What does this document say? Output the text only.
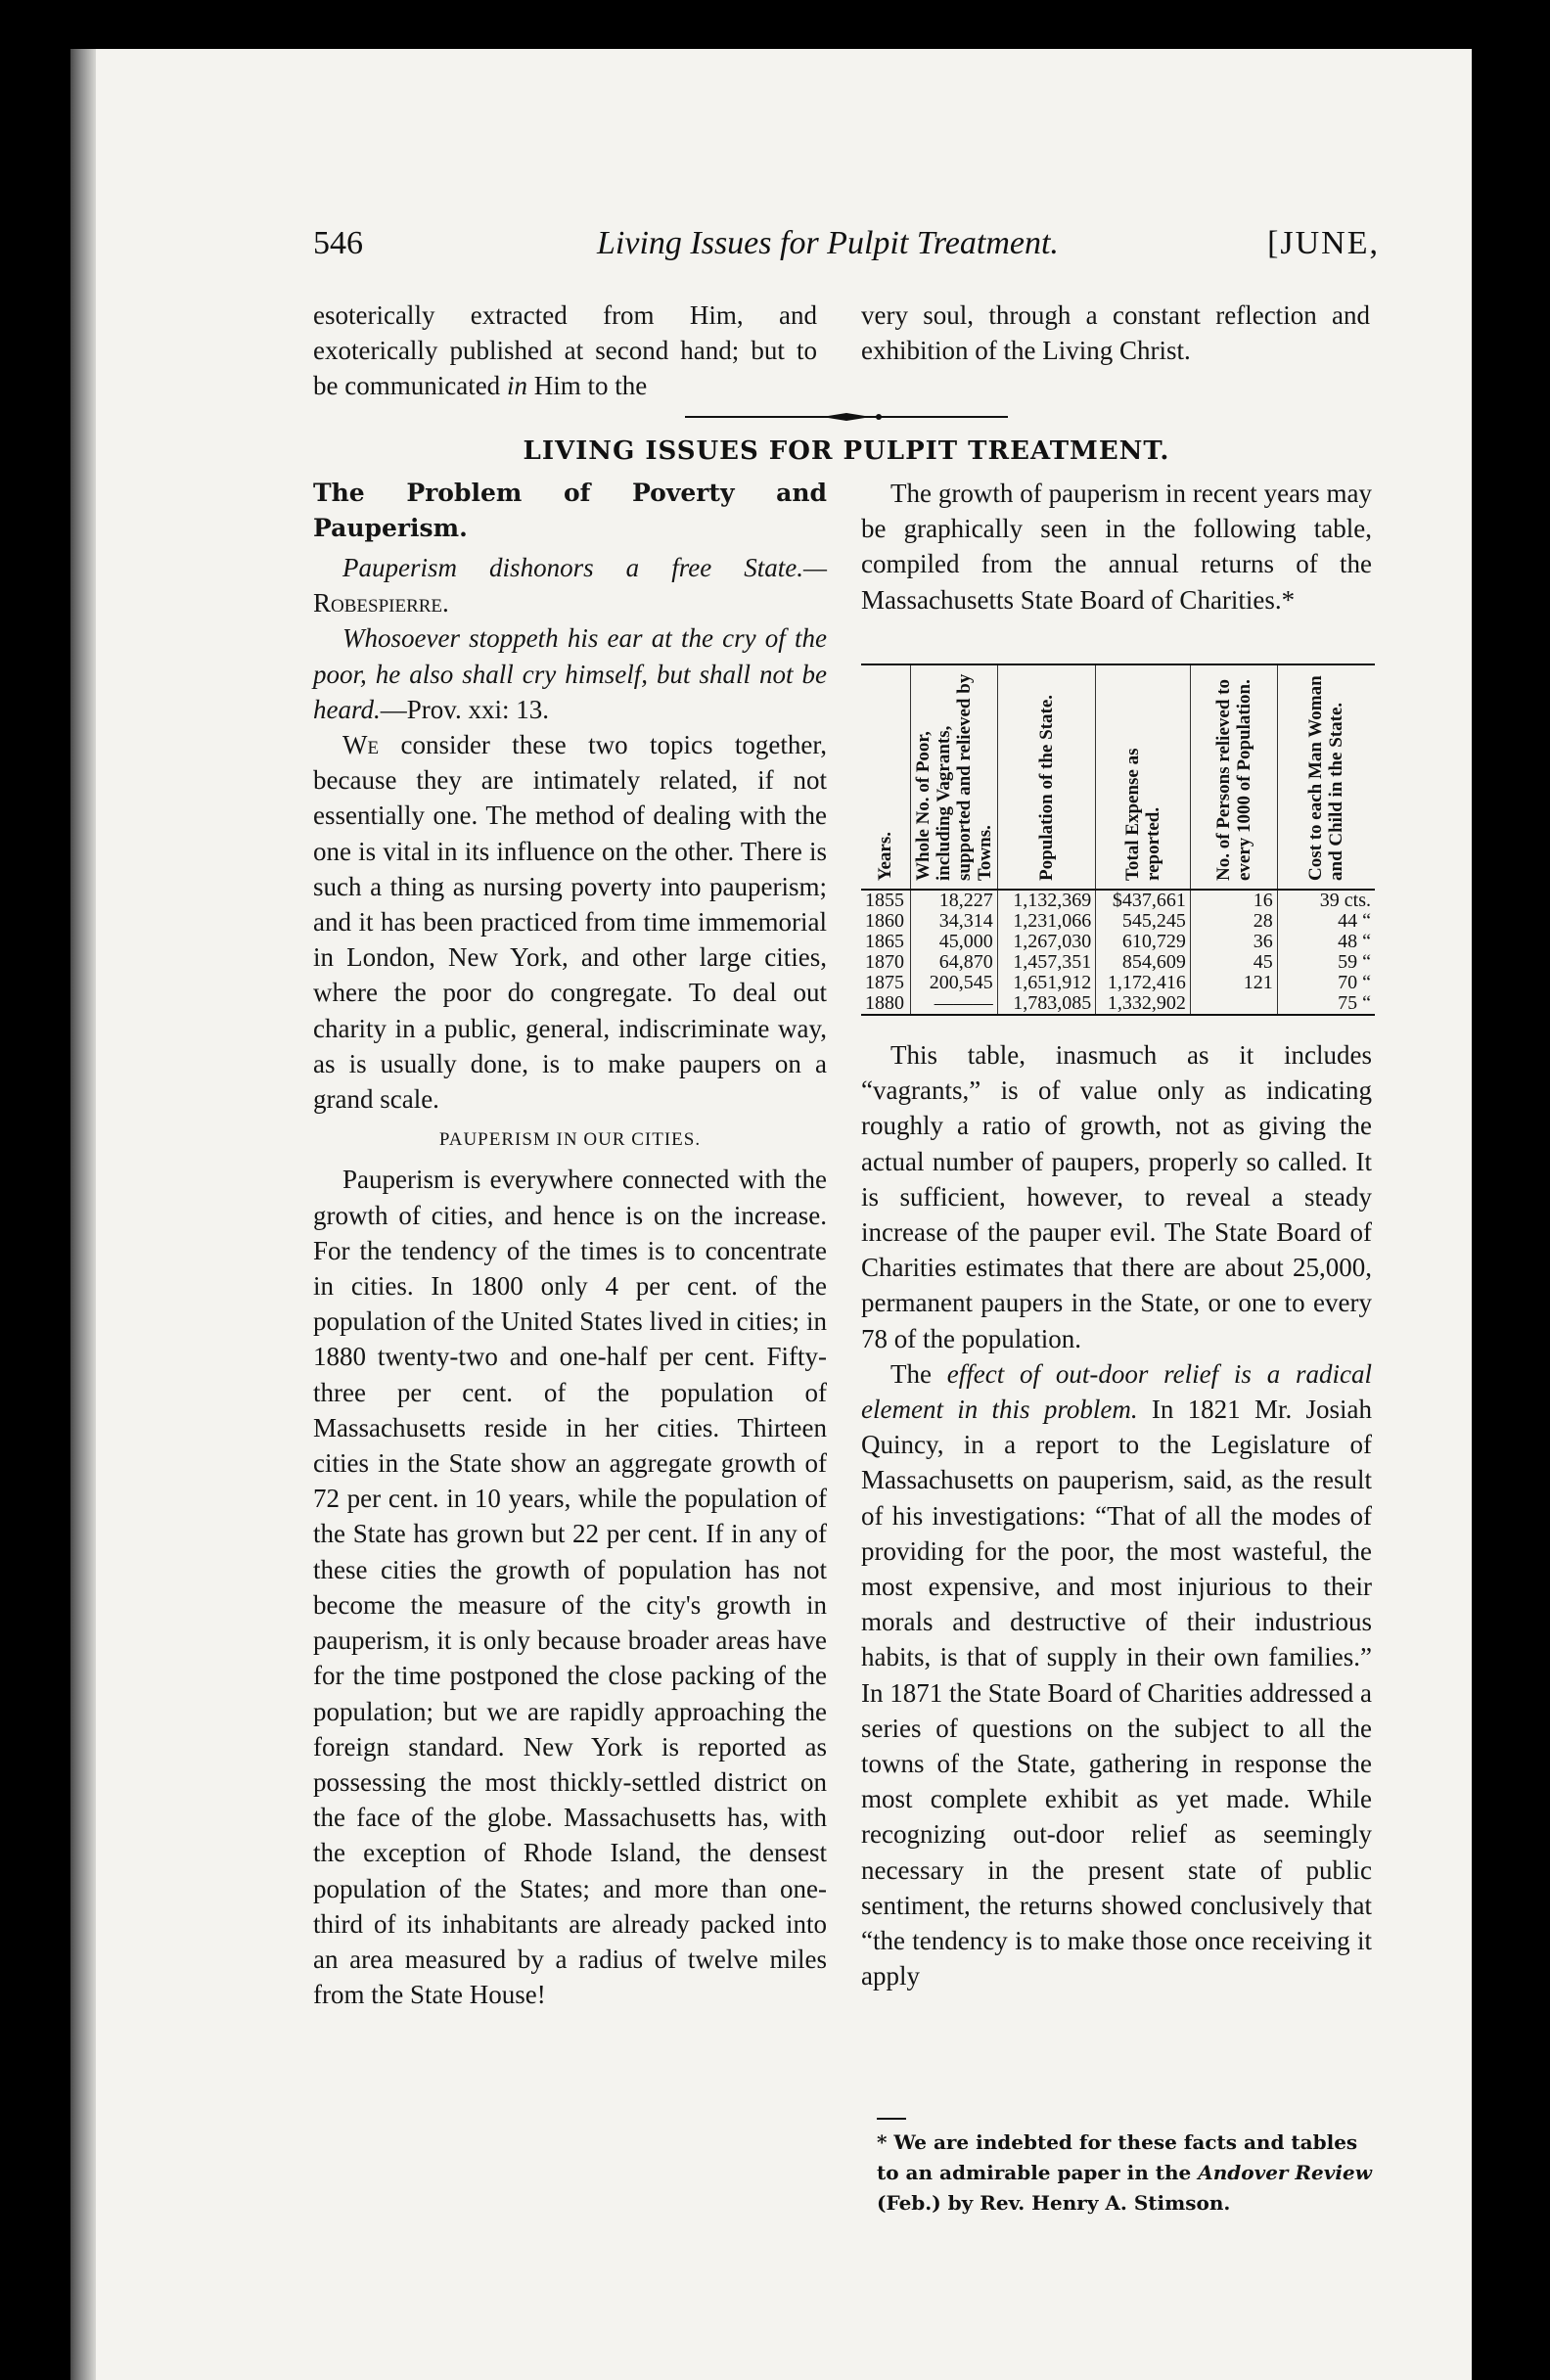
546	Living Issues for Pulpit Treatment.	[JUNE,

esoterically extracted from Him, and exoterically published at second hand; but to be communicated in Him to the

very soul, through a constant reflection and exhibition of the Living Christ.

LIVING ISSUES FOR PULPIT TREATMENT.
The Problem of Poverty and Pauperism.

Pauperism dishonors a free State.— Robespierre.

Whosoever stoppeth his ear at the cry of the poor, he also shall cry himself, but shall not be heard.—Prov. xxi: 13.

We consider these two topics together, because they are intimately related, if not essentially one. The method of dealing with the one is vital in its influence on the other. There is such a thing as nursing poverty into pauperism; and it has been practiced from time immemorial in London, New York, and other large cities, where the poor do congregate. To deal out charity in a public, general, indiscriminate way, as is usually done, is to make paupers on a grand scale.

PAUPERISM IN OUR CITIES.

Pauperism is everywhere connected with the growth of cities, and hence is on the increase. For the tendency of the times is to concentrate in cities. In 1800 only 4 per cent. of the population of the United States lived in cities; in 1880 twenty-two and one-half per cent. Fifty-three per cent. of the population of Massachusetts reside in her cities. Thirteen cities in the State show an aggregate growth of 72 per cent. in 10 years, while the population of the State has grown but 22 per cent. If in any of these cities the growth of population has not become the measure of the city's growth in pauperism, it is only because broader areas have for the time postponed the close packing of the population; but we are rapidly approaching the foreign standard. New York is reported as possessing the most thickly-settled district on the face of the globe. Massachusetts has, with the exception of Rhode Island, the densest population of the States; and more than one-third of its inhabitants are already packed into an area measured by a radius of twelve miles from the State House!

The growth of pauperism in recent years may be graphically seen in the following table, compiled from the annual returns of the Massachusetts State Board of Charities.*

Years.	Whole No. of Poor, including Vagrants, supported and relieved by Towns.	Population of the State.	Total Expense as reported.	No. of Persons relieved to every 1000 of Population.	Cost to each Man Woman and Child in the State.

1855	18,227	1,132,369	$437,661	16	39 cts.
1860	34,314	1,231,066	545,245	28	44 “
1865	45,000	1,267,030	610,729	36	48 “
1870	64,870	1,457,351	854,609	45	59 “
1875	200,545	1,651,912	1,172,416	121	70 “
1880	———	1,783,085	1,332,902		75 “

This table, inasmuch as it includes “vagrants,” is of value only as indicating roughly a ratio of growth, not as giving the actual number of paupers, properly so called. It is sufficient, however, to reveal a steady increase of the pauper evil. The State Board of Charities estimates that there are about 25,000, permanent paupers in the State, or one to every 78 of the population.

The effect of out-door relief is a radical element in this problem. In 1821 Mr. Josiah Quincy, in a report to the Legislature of Massachusetts on pauperism, said, as the result of his investigations: “That of all the modes of providing for the poor, the most wasteful, the most expensive, and most injurious to their morals and destructive of their industrious habits, is that of supply in their own families.” In 1871 the State Board of Charities addressed a series of questions on the subject to all the towns of the State, gathering in response the most complete exhibit as yet made. While recognizing out-door relief as seemingly necessary in the present state of public sentiment, the returns showed conclusively that “the tendency is to make those once receiving it apply

* We are indebted for these facts and tables to an admirable paper in the Andover Review (Feb.) by Rev. Henry A. Stimson.
